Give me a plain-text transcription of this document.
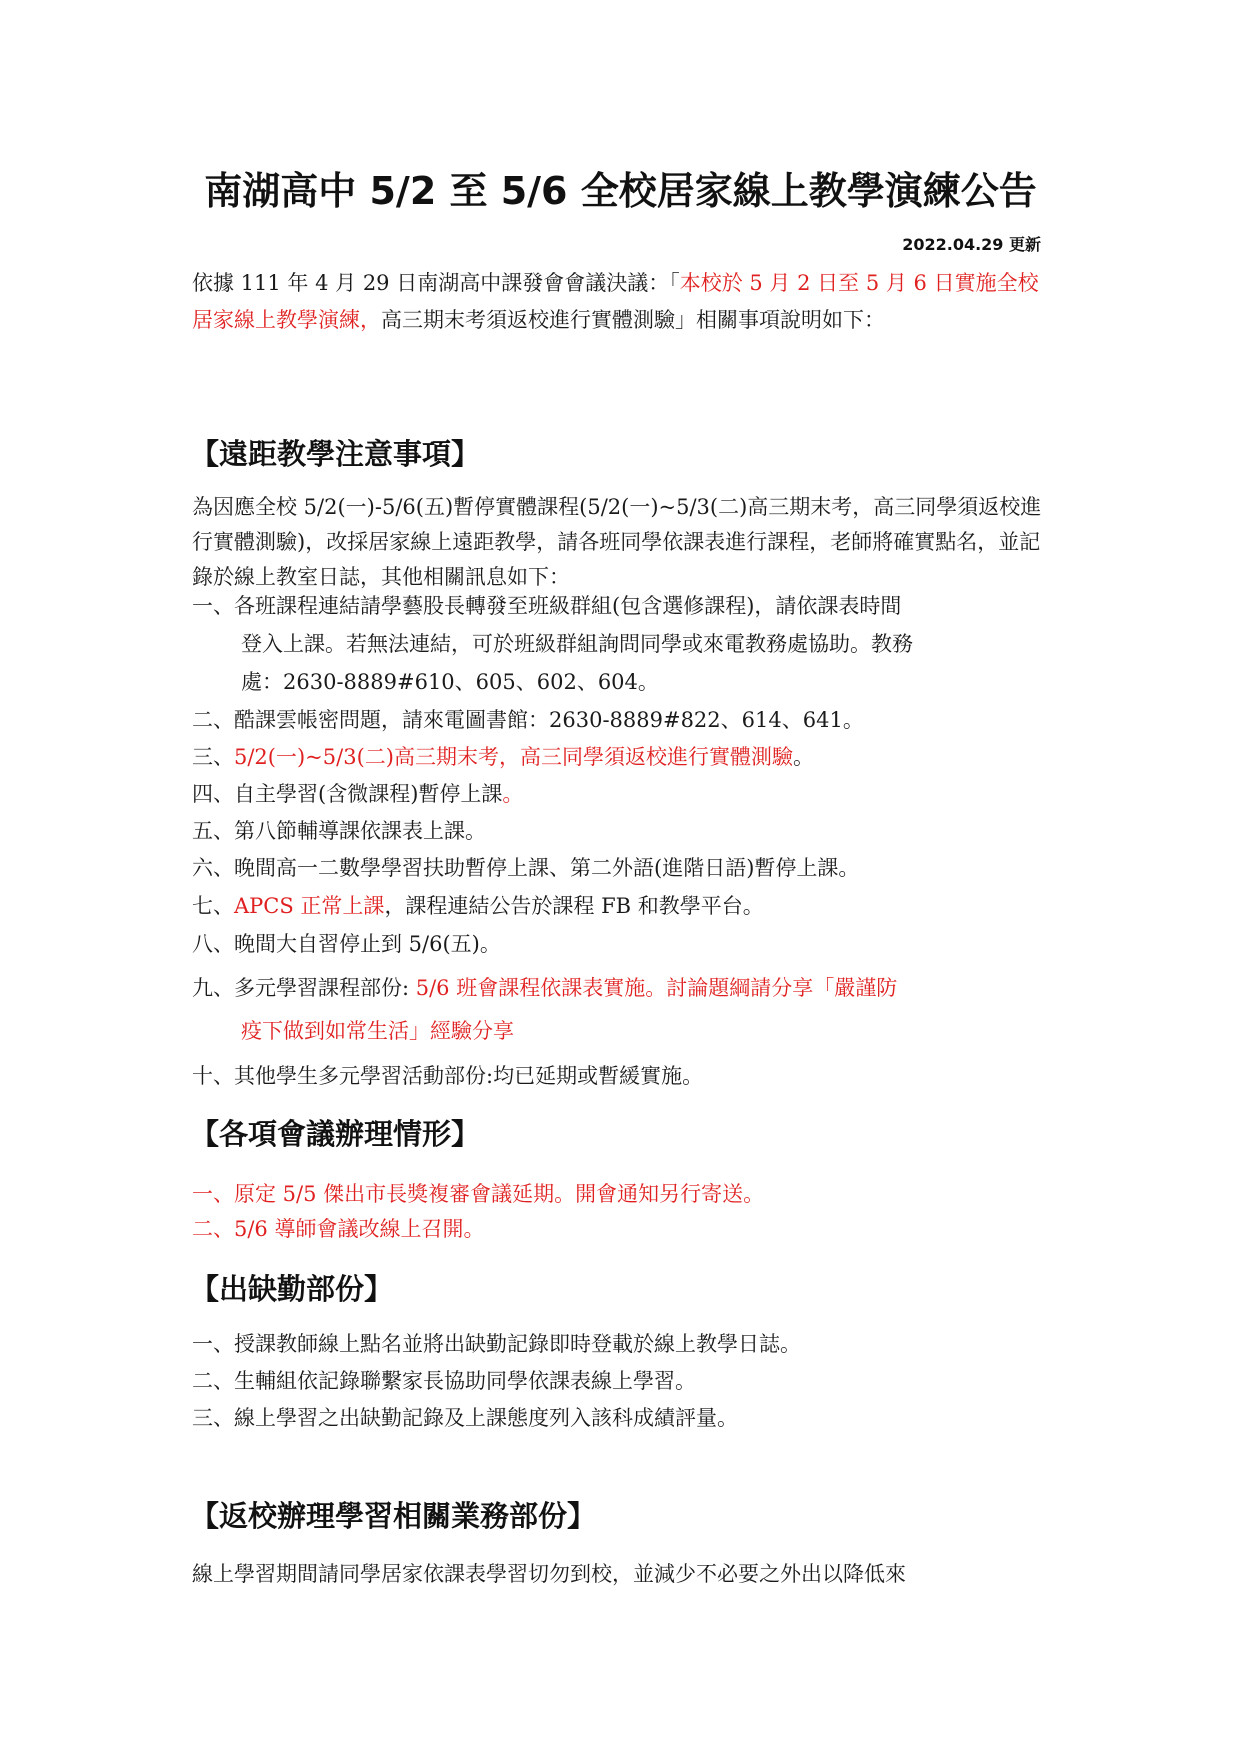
南湖高中 5/2 至 5/6 全校居家線上教學演練公告
2022.04.29 更新
依據 111 年 4 月 29 日南湖高中課發會會議決議：「本校於 5 月 2 日至 5 月 6 日實施全校居家線上教學演練，高三期末考須返校進行實體測驗」相關事項說明如下：
【遠距教學注意事項】
為因應全校 5/2(一)-5/6(五)暫停實體課程(5/2(一)~5/3(二)高三期末考，高三同學須返校進行實體測驗)，改採居家線上遠距教學，請各班同學依課表進行課程，老師將確實點名，並記錄於線上教室日誌，其他相關訊息如下：
一、各班課程連結請學藝股長轉發至班級群組(包含選修課程)，請依課表時間
登入上課。若無法連結，可於班級群組詢問同學或來電教務處協助。教務
處：2630-8889#610、605、602、604。
二、酷課雲帳密問題，請來電圖書館：2630-8889#822、614、641。
三、5/2(一)~5/3(二)高三期末考，高三同學須返校進行實體測驗。
四、自主學習(含微課程)暫停上課。
五、第八節輔導課依課表上課。
六、晚間高一二數學學習扶助暫停上課、第二外語(進階日語)暫停上課。
七、APCS 正常上課，課程連結公告於課程 FB 和教學平台。
八、晚間大自習停止到 5/6(五)。
九、多元學習課程部份: 5/6 班會課程依課表實施。討論題綱請分享「嚴謹防
疫下做到如常生活」經驗分享
十、其他學生多元學習活動部份:均已延期或暫緩實施。
【各項會議辦理情形】
一、原定 5/5 傑出市長獎複審會議延期。開會通知另行寄送。
二、5/6 導師會議改線上召開。
【出缺勤部份】
一、授課教師線上點名並將出缺勤記錄即時登載於線上教學日誌。
二、生輔組依記錄聯繫家長協助同學依課表線上學習。
三、線上學習之出缺勤記錄及上課態度列入該科成績評量。
【返校辦理學習相關業務部份】
線上學習期間請同學居家依課表學習切勿到校，並減少不必要之外出以降低來
